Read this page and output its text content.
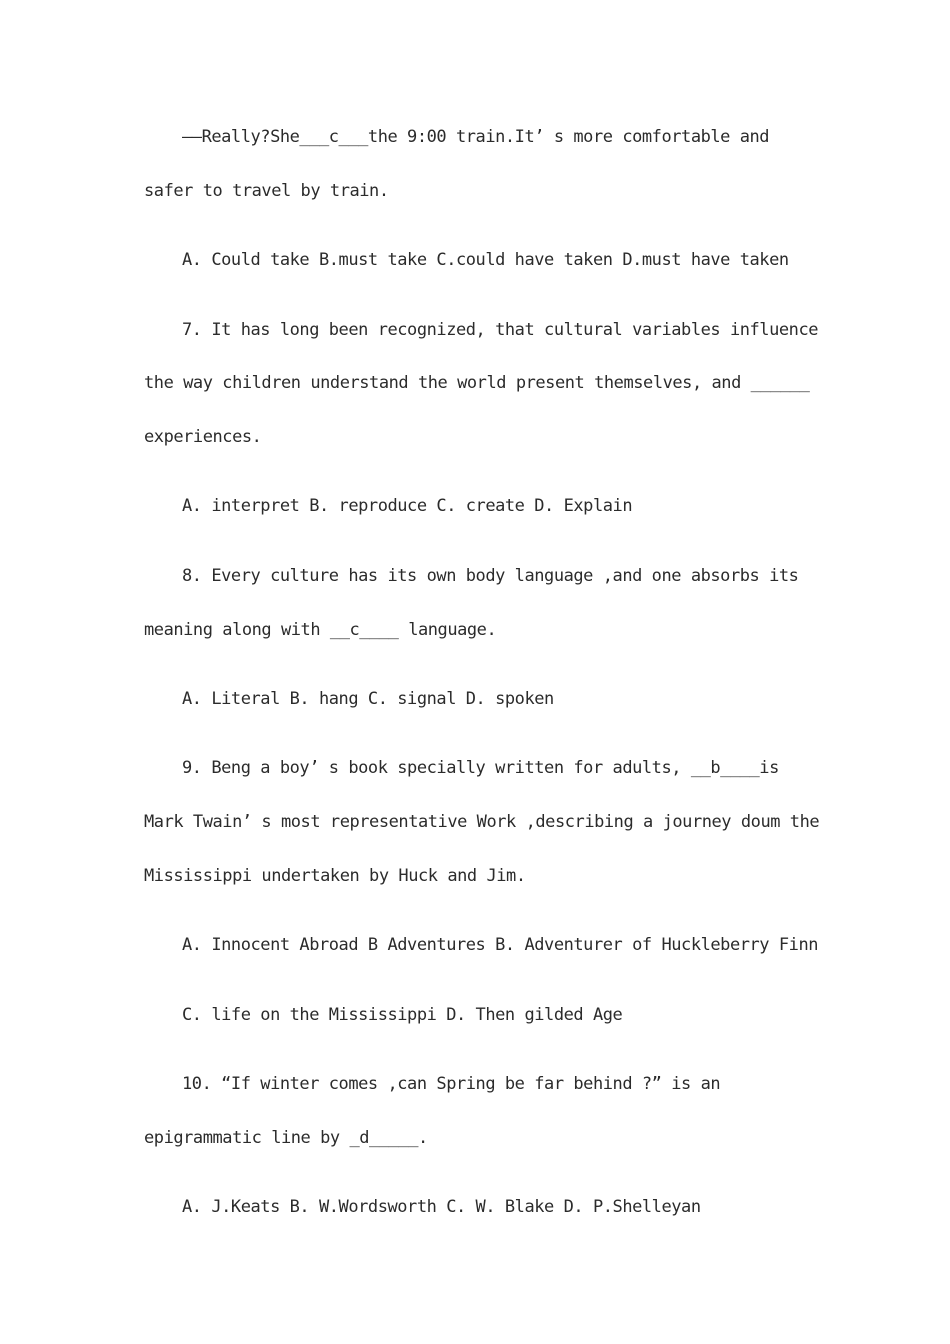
——Really?She___c___the 9:00 train.It’ s more comfortable and
safer to travel by train.
A. Could take B.must take C.could have taken D.must have taken
7. It has long been recognized, that cultural variables influence
the way children understand the world present themselves, and ______
experiences.
A. interpret B. reproduce C. create D. Explain
8. Every culture has its own body language ,and one absorbs its
meaning along with __c____ language.
A. Literal B. hang C. signal D. spoken
9. Beng a boy’ s book specially written for adults, __b____is
Mark Twain’ s most representative Work ,describing a journey doum the
Mississippi undertaken by Huck and Jim.
A. Innocent Abroad B Adventures B. Adventurer of Huckleberry Finn
C. life on the Mississippi D. Then gilded Age
10. “If winter comes ,can Spring be far behind ?” is an
epigrammatic line by _d_____.
A. J.Keats B. W.Wordsworth C. W. Blake D. P.Shelleyan
